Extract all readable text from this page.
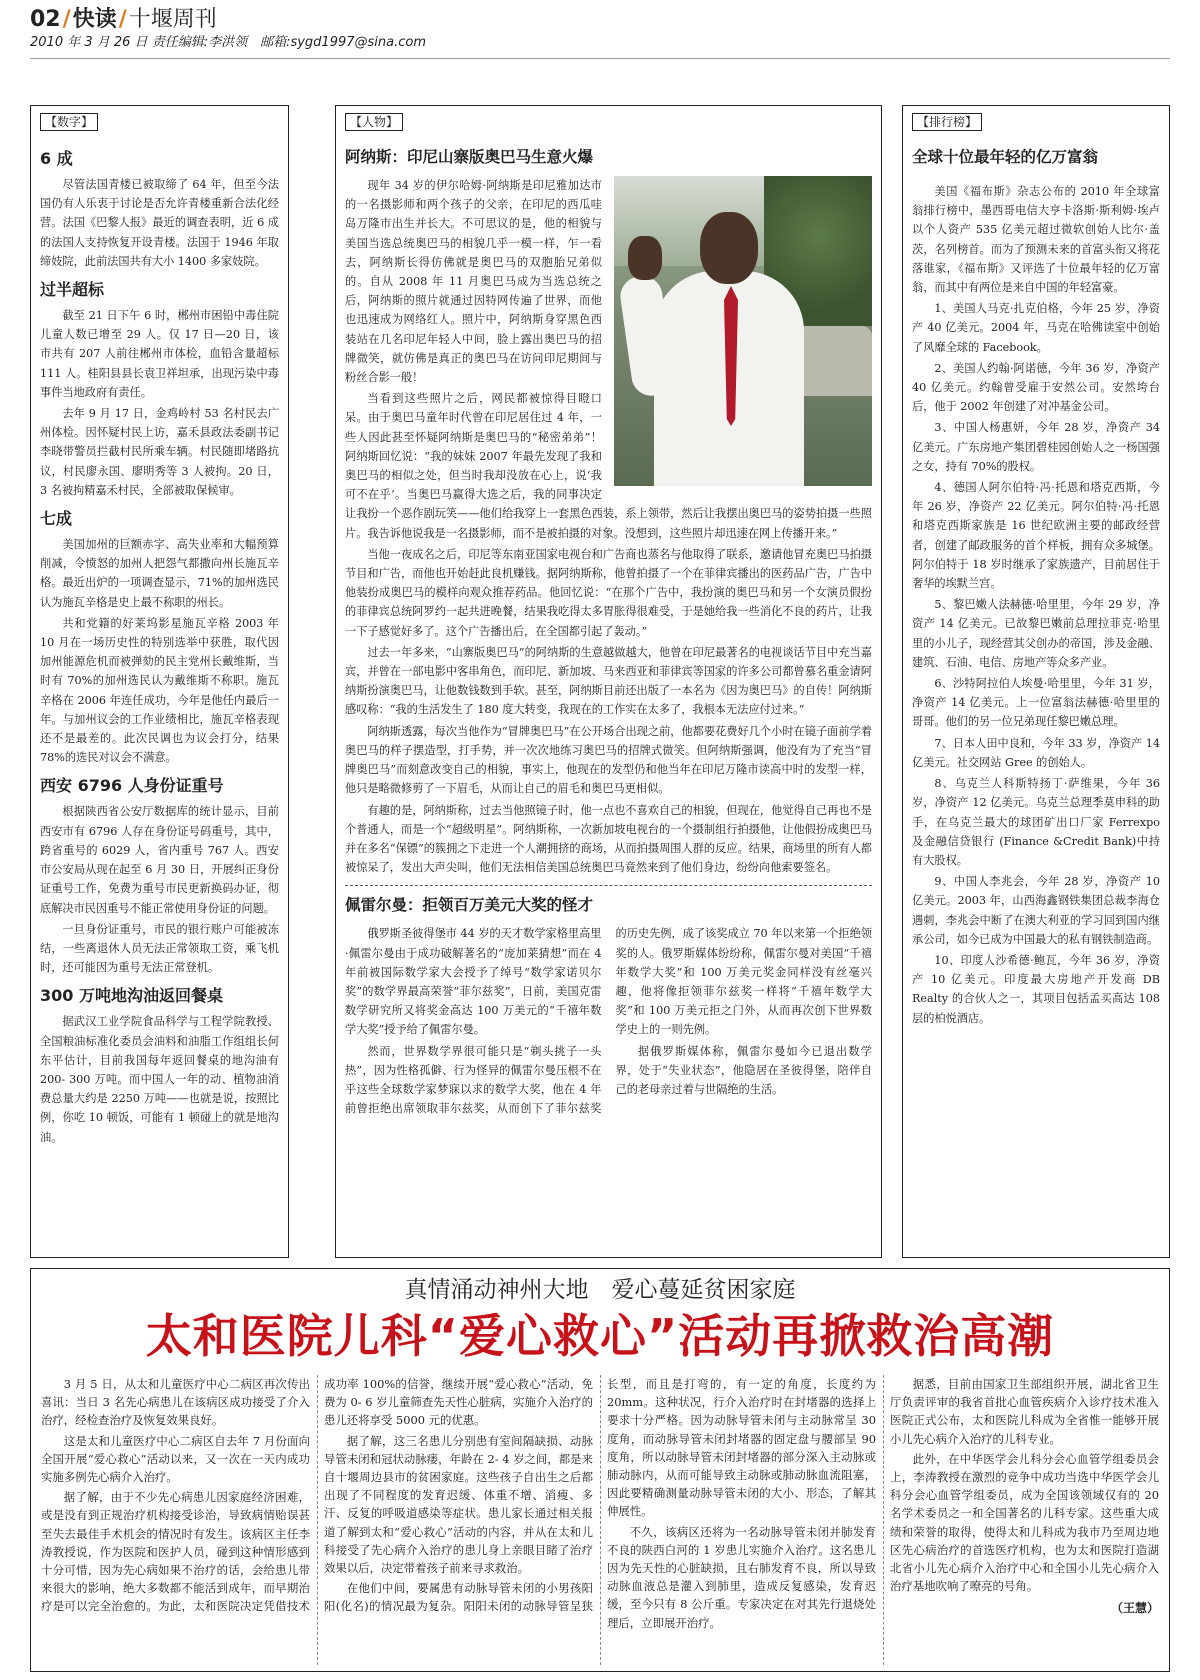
02/快读/十堰周刊
2010 年 3 月 26 日 责任编辑:李洪领　邮箱:sygd1997@sina.com
【数字】
6 成
尽管法国青楼已被取缔了 64 年，但至今法国仍有人乐衷于讨论是否允许青楼重新合法化经营。法国《巴黎人报》最近的调查表明，近 6 成的法国人支持恢复开设青楼。法国于 1946 年取缔妓院，此前法国共有大小 1400 多家妓院。
过半超标
截至 21 日下午 6 时，郴州市困铅中毒住院儿童人数已增至 29 人。仅 17 日—20 日，该市共有 207 人前往郴州市体检，血铅含量超标 111 人。桂阳县县长袁卫祥坦承，出现污染中毒事件当地政府有责任。
去年 9 月 17 日，金鸡岭村 53 名村民去广州体检。因怀疑村民上访，嘉禾县政法委副书记李晓带警员拦截村民所乘车辆。村民随即堵路抗议，村民廖永国、廖明秀等 3 人被拘。20 日，3 名被拘精嘉禾村民，全部被取保候审。
七成
美国加州的巨额赤字、高失业率和大幅预算削减，令愤怒的加州人把怨气都撒向州长施瓦辛格。最近出炉的一项调查显示，71%的加州选民认为施瓦辛格是史上最不称职的州长。
共和党籍的好莱坞影星施瓦辛格 2003 年 10 月在一场历史性的特别选举中获胜，取代因加州能源危机而被弹劾的民主党州长戴维斯，当时有 70%的加州选民认为戴维斯不称职。施瓦辛格在 2006 年连任成功，今年是他任内最后一年。与加州议会的工作业绩相比，施瓦辛格表现还不是最差的。此次民调也为议会打分，结果 78%的选民对议会不满意。
西安 6796 人身份证重号
根据陕西省公安厅数据库的统计显示，目前西安市有 6796 人存在身份证号码重号，其中，跨省重号的 6029 人，省内重号 767 人。西安市公安局从现在起至 6 月 30 日，开展纠正身份证重号工作，免费为重号市民更新换码办证，彻底解决市民因重号不能正常使用身份证的问题。
一旦身份证重号，市民的银行账户可能被冻结，一些离退休人员无法正常领取工资，乘飞机时，还可能因为重号无法正常登机。
300 万吨地沟油返回餐桌
据武汉工业学院食品科学与工程学院教授、全国粮油标准化委员会油料和油脂工作组组长何东平估计，目前我国每年返回餐桌的地沟油有 200- 300 万吨。而中国人一年的动、植物油消费总量大约是 2250 万吨——也就是说，按照比例，你吃 10 顿饭，可能有 1 顿碰上的就是地沟油。
【人物】
阿纳斯：印尼山寨版奥巴马生意火爆
现年 34 岁的伊尔哈姆·阿纳斯是印尼雅加达市的一名摄影师和两个孩子的父亲，在印尼的西瓜哇岛万隆市出生并长大。不可思议的是，他的相貌与美国当选总统奥巴马的相貌几乎一模一样，乍一看去，阿纳斯长得仿佛就是奥巴马的双胞胎兄弟似的。自从 2008 年 11 月奥巴马成为当选总统之后，阿纳斯的照片就通过因特网传遍了世界，而他也迅速成为网络红人。照片中，阿纳斯身穿黑色西装站在几名印尼年轻人中间，脸上露出奥巴马的招牌微笑，就仿佛是真正的奥巴马在访问印尼期间与粉丝合影一般！
当看到这些照片之后，网民都被惊得目瞪口呆。由于奥巴马童年时代曾在印尼居住过 4 年，一些人因此甚至怀疑阿纳斯是奥巴马的“秘密弟弟”！阿纳斯回忆说：“我的妹妹 2007 年最先发现了我和奥巴马的相似之处，但当时我却没放在心上，说‘我可不在乎’。当奥巴马赢得大选之后，我的同事决定让我扮一个恶作剧玩笑——他们给我穿上一套黑色西装，系上领带，然后让我摆出奥巴马的姿势拍摄一些照片。我告诉他说我是一名摄影师，而不是被拍摄的对象。没想到，这些照片却迅速在网上传播开来。”
当他一夜成名之后，印尼等东南亚国家电视台和广告商也蒸名与他取得了联系，邀请他冒充奥巴马拍摄节目和广告，而他也开始赶此良机赚钱。据阿纳斯称，他曾拍摄了一个在菲律宾播出的医药品广告，广告中他装扮成奥巴马的模样向观众推荐药品。他回忆说：“在那个广告中，我扮演的奥巴马和另一个女演员假扮的菲律宾总统阿罗约一起共进晚餐，结果我吃得太多胃胀得很难受，于是她给我一些消化不良的药片，让我一下子感觉好多了。这个广告播出后，在全国都引起了轰动。”
过去一年多来，“山寨版奥巴马”的阿纳斯的生意越做越大，他曾在印尼最著名的电视谈话节目中充当嘉宾，并曾在一部电影中客串角色，而印尼、新加坡、马来西亚和菲律宾等国家的许多公司都曾慕名重金请阿纳斯扮演奥巴马，让他数钱数到手软。甚至，阿纳斯目前还出版了一本名为《因为奥巴马》的自传！阿纳斯感叹称：“我的生活发生了 180 度大转变，我现在的工作实在太多了，我根本无法应付过来。”
阿纳斯透露，每次当他作为“冒牌奥巴马”在公开场合出现之前，他都要花费好几个小时在镜子面前学着奥巴马的样子摆造型，打手势，并一次次地练习奥巴马的招牌式微笑。但阿纳斯强调，他没有为了充当“冒牌奥巴马”而刻意改变自己的相貌，事实上，他现在的发型仍和他当年在印尼万隆市读高中时的发型一样，他只是略微修剪了一下眉毛，从而让自己的眉毛和奥巴马更相似。
有趣的是，阿纳斯称，过去当他照镜子时，他一点也不喜欢自己的相貌，但现在，他觉得自己再也不是个普通人，而是一个“超级明星”。阿纳斯称，一次新加坡电视台的一个摄制组行拍摄他，让他假扮成奥巴马并在多名“保镖”的簇拥之下走进一个人潮拥挤的商场，从而拍摄周围人群的反应。结果，商场里的所有人都被惊呆了，发出大声尖叫，他们无法相信美国总统奥巴马竟然来到了他们身边，纷纷向他索要签名。
佩雷尔曼：拒领百万美元大奖的怪才
俄罗斯圣彼得堡市 44 岁的天才数学家格里高里·佩雷尔曼由于成功破解著名的“庞加莱猜想”而在 4 年前被国际数学家大会授予了绰号“数学家诺贝尔奖”的数学界最高荣誉“菲尔兹奖”，日前，美国克雷数学研究所又将奖金高达 100 万美元的“千禧年数学大奖”授予给了佩雷尔曼。
然而，世界数学界很可能只是“剃头挑子一头热”，因为性格孤僻、行为怪异的佩雷尔曼压根不在乎这些全球数学家梦寐以求的数学大奖，他在 4 年前曾拒绝出席领取菲尔兹奖，从而创下了菲尔兹奖的历史先例，成了该奖成立 70 年以来第一个拒绝领奖的人。俄罗斯媒体纷纷称，佩雷尔曼对美国“千禧年数学大奖”和 100 万美元奖金同样没有丝毫兴趣，他将像拒领菲尔兹奖一样将“千禧年数学大奖”和 100 万美元拒之门外，从而再次创下世界数学史上的一则先例。
据俄罗斯媒体称，佩雷尔曼如今已退出数学界，处于“失业状态”，他隐居在圣彼得堡，陪伴自己的老母亲过着与世隔绝的生活。
【排行榜】
全球十位最年轻的亿万富翁
美国《福布斯》杂志公布的 2010 年全球富翁排行榜中，墨西哥电信大亨卡洛斯·斯利姆·埃卢以个人资产 535 亿美元超过微软创始人比尔·盖茨，名列榜首。而为了预测未来的首富头衔又将花落谁家，《福布斯》又评选了十位最年轻的亿万富翁，而其中有两位是来自中国的年轻富豪。
1、美国人马克·扎克伯格，今年 25 岁，净资产 40 亿美元。2004 年，马克在哈佛读室中创始了风靡全球的 Facebook。
2、美国人约翰·阿诺德，今年 36 岁，净资产 40 亿美元。约翰曾受雇于安然公司。安然垮台后，他于 2002 年创建了对冲基金公司。
3、中国人杨惠妍，今年 28 岁，净资产 34 亿美元。广东房地产集团碧桂园创始人之一杨国强之女，持有 70%的股权。
4、德国人阿尔伯特·冯·托恩和塔克西斯，今年 26 岁，净资产 22 亿美元。阿尔伯特·冯·托恩和塔克西斯家族是 16 世纪欧洲主要的邮政经营者，创建了邮政服务的首个样板，拥有众多城堡。阿尔伯特于 18 岁时继承了家族遗产，目前居住于奢华的埃默兰宫。
5、黎巴嫩人法赫德·哈里里，今年 29 岁，净资产 14 亿美元。已故黎巴嫩前总理拉菲克·哈里里的小儿子，现经营其父创办的帝国，涉及金融、建筑、石油、电信、房地产等众多产业。
6、沙特阿拉伯人埃曼·哈里里，今年 31 岁，净资产 14 亿美元。上一位富翁法赫德·哈里里的哥哥。他们的另一位兄弟现任黎巴嫩总理。
7、日本人田中良和，今年 33 岁，净资产 14 亿美元。社交网站 Gree 的创始人。
8、乌克兰人科斯特扬丁·萨维果，今年 36 岁，净资产 12 亿美元。乌克兰总理季莫申科的助手，在乌克兰最大的球团矿出口厂家 Ferrexpo 及金融信贷银行 (Finance &Credit Bank)中持有大股权。
9、中国人李兆会，今年 28 岁，净资产 10 亿美元。2003 年，山西海鑫钢铁集团总裁李海仓遇刺，李兆会中断了在澳大利亚的学习回到国内继承公司，如今已成为中国最大的私有钢铁制造商。
10、印度人沙希德·鲍瓦，今年 36 岁，净资产 10 亿美元。印度最大房地产开发商 DB Realty 的合伙人之一，其项目包括孟买高达 108 层的柏悦酒店。
真情涌动神州大地　爱心蔓延贫困家庭
太和医院儿科“爱心救心”活动再掀救治高潮
3 月 5 日，从太和儿童医疗中心二病区再次传出喜讯：当日 3 名先心病患儿在该病区成功接受了介入治疗，经检查治疗及恢复效果良好。
这是太和儿童医疗中心二病区自去年 7 月份面向全国开展“爱心救心”活动以来，又一次在一天内成功实施多例先心病介入治疗。
据了解，由于不少先心病患儿因家庭经济困难，或是没有到正规治疗机构接受诊治，导致病情贻误甚至失去最佳手术机会的情况时有发生。该病区主任李涛教授说，作为医院和医护人员，碰到这种情形感到十分可惜，因为先心病如果不治疗的话，会给患儿带来很大的影响，绝大多数都不能活到成年，而早期治疗是可以完全治愈的。为此，太和医院决定凭借技术成功率 100%的信誉，继续开展“爱心救心”活动，免费为 0- 6 岁儿童筛查先天性心脏病，实施介入治疗的患儿还将享受 5000 元的优惠。
据了解，这三名患儿分别患有室间隔缺损、动脉导管未闭和冠状动脉瘘，年龄在 2- 4 岁之间，都是来自十堰周边县市的贫困家庭。这些孩子自出生之后都出现了不同程度的发育迟缓、体重不增、消瘦、多汗、反复的呼吸道感染等症状。患儿家长通过相关报道了解到太和“爱心救心”活动的内容，并从在太和儿科接受了先心病介入治疗的患儿身上亲眼目睹了治疗效果以后，决定带着孩子前来寻求救治。
在他们中间，要属患有动脉导管未闭的小男孩阳阳(化名)的情况最为复杂。阳阳未闭的动脉导管呈狭长型，而且是打弯的，有一定的角度，长度约为 20mm。这种状况，行介入治疗时在封堵器的选择上要求十分严格。因为动脉导管未闭与主动脉常呈 30 度角，而动脉导管未闭封堵器的固定盘与腰部呈 90 度角，所以动脉导管未闭封堵器的部分深入主动脉或肺动脉内，从而可能导致主动脉或肺动脉血流阻塞，因此要精确测量动脉导管未闭的大小、形态，了解其伸展性。
不久，该病区还将为一名动脉导管未闭并肺发育不良的陕西白河的 1 岁患儿实施介入治疗。这名患儿因为先天性的心脏缺损，且右肺发育不良，所以导致动脉血液总是灌入到肺里，造成反复感染，发育迟缓，至今只有 8 公斤重。专家决定在对其先行退烧处理后，立即展开治疗。
据悉，目前由国家卫生部组织开展，湖北省卫生厅负责评审的我省首批心血管疾病介入诊疗技术准入医院正式公布，太和医院儿科成为全省惟一能够开展小儿先心病介入治疗的儿科专业。
此外，在中华医学会儿科分会心血管学组委员会上，李涛教授在激烈的竞争中成功当选中华医学会儿科分会心血管学组委员，成为全国该领域仅有的 20 名学术委员之一和全国著名的儿科专家。这些重大成绩和荣誉的取得，使得太和儿科成为我市乃至周边地区先心病治疗的首选医疗机构，也为太和医院打造湖北省小儿先心病介入治疗中心和全国小儿先心病介入治疗基地吹响了嘹亮的号角。
（王慧）
